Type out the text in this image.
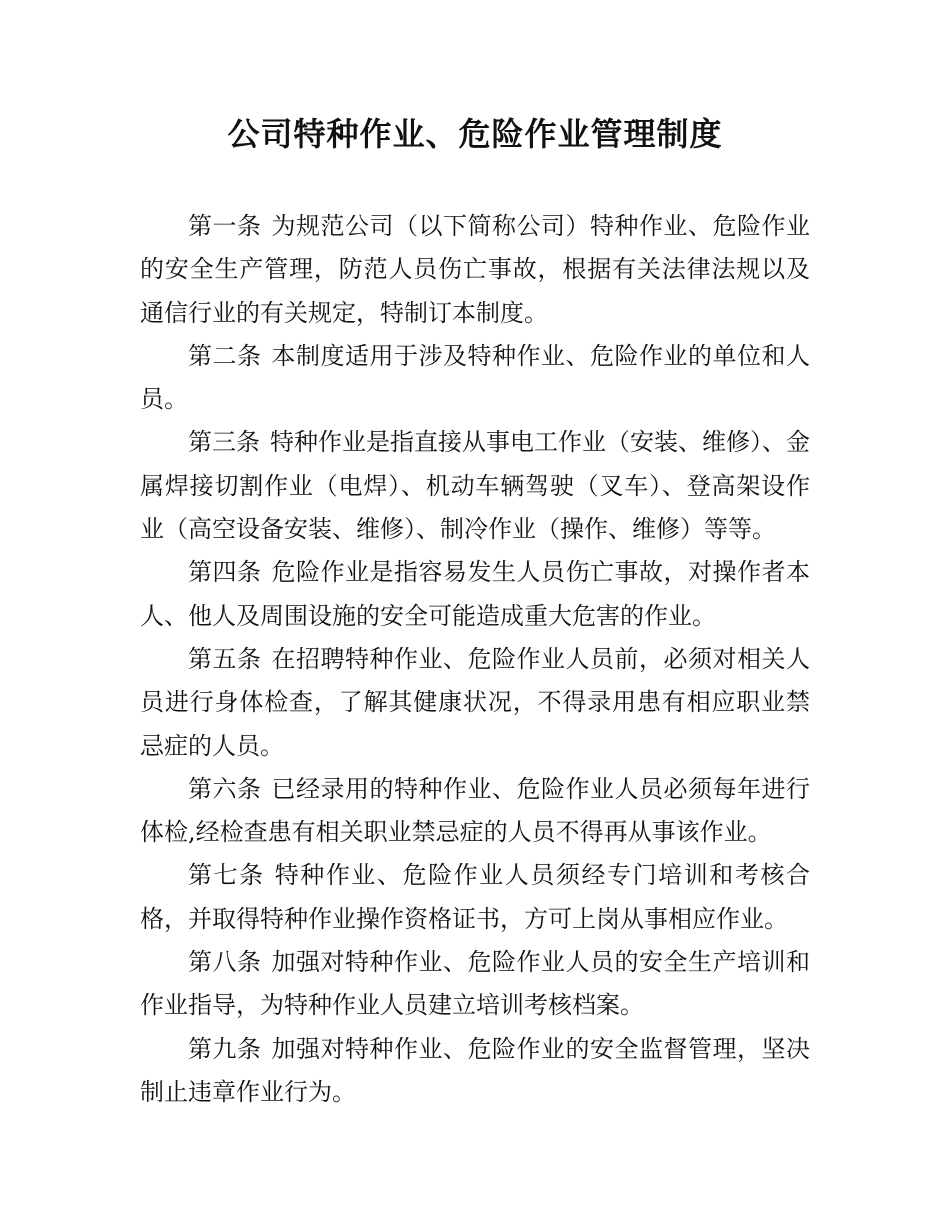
公司特种作业、危险作业管理制度

第一条 为规范公司（以下简称公司）特种作业、危险作业的安全生产管理，防范人员伤亡事故，根据有关法律法规以及通信行业的有关规定，特制订本制度。

第二条 本制度适用于涉及特种作业、危险作业的单位和人员。

第三条 特种作业是指直接从事电工作业（安装、维修）、金属焊接切割作业（电焊）、机动车辆驾驶（叉车）、登高架设作业（高空设备安装、维修）、制冷作业（操作、维修）等等。

第四条 危险作业是指容易发生人员伤亡事故，对操作者本人、他人及周围设施的安全可能造成重大危害的作业。

第五条 在招聘特种作业、危险作业人员前，必须对相关人员进行身体检查，了解其健康状况，不得录用患有相应职业禁忌症的人员。

第六条 已经录用的特种作业、危险作业人员必须每年进行体检,经检查患有相关职业禁忌症的人员不得再从事该作业。

第七条 特种作业、危险作业人员须经专门培训和考核合格，并取得特种作业操作资格证书，方可上岗从事相应作业。

第八条 加强对特种作业、危险作业人员的安全生产培训和作业指导，为特种作业人员建立培训考核档案。

第九条 加强对特种作业、危险作业的安全监督管理，坚决制止违章作业行为。
